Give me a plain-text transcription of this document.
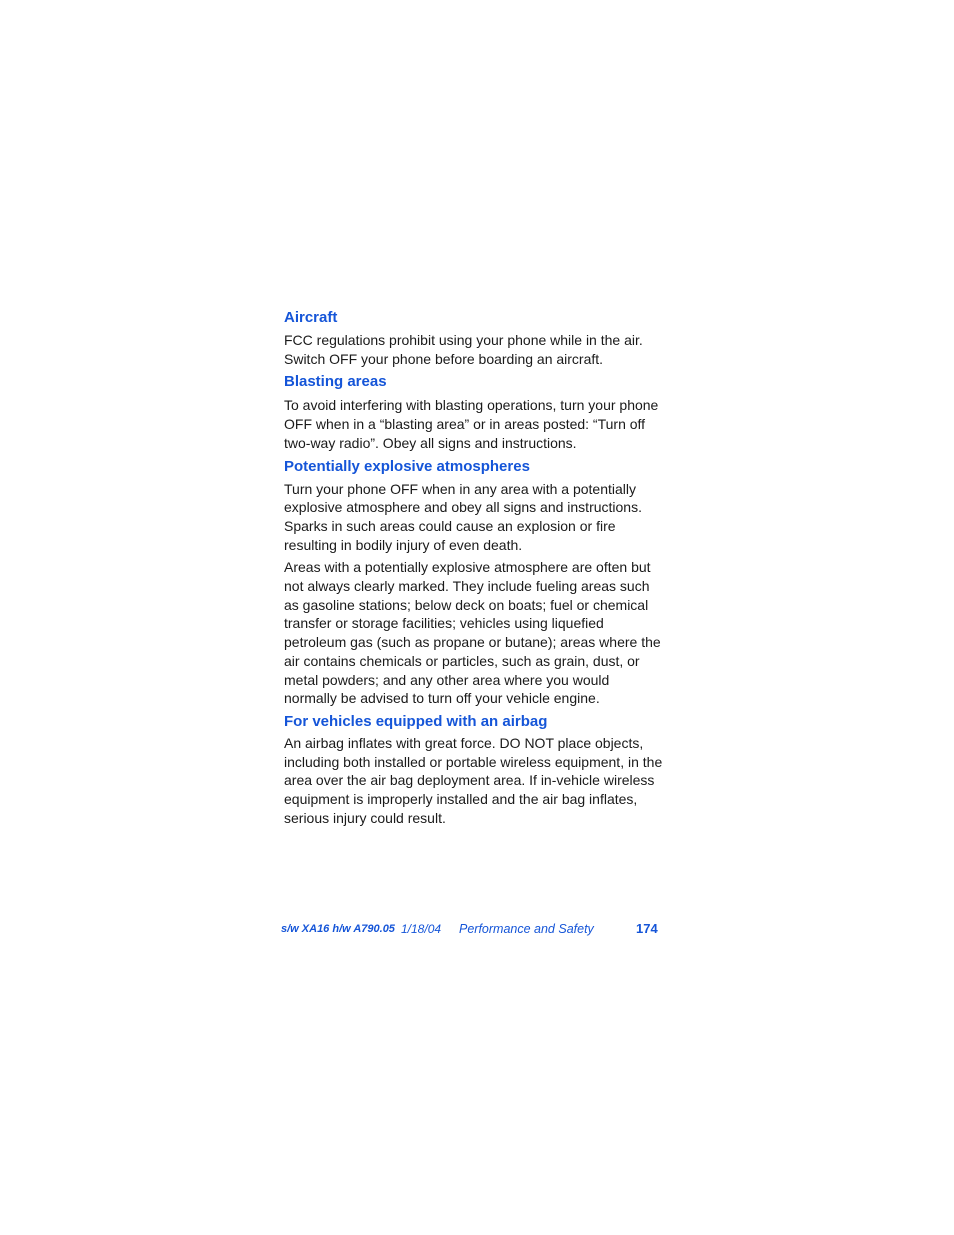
Aircraft

FCC regulations prohibit using your phone while in the air. Switch OFF your phone before boarding an aircraft.

Blasting areas

To avoid interfering with blasting operations, turn your phone OFF when in a “blasting area” or in areas posted: “Turn off two-way radio”. Obey all signs and instructions.

Potentially explosive atmospheres

Turn your phone OFF when in any area with a potentially explosive atmosphere and obey all signs and instructions. Sparks in such areas could cause an explosion or fire resulting in bodily injury of even death.

Areas with a potentially explosive atmosphere are often but not always clearly marked. They include fueling areas such as gasoline stations; below deck on boats; fuel or chemical transfer or storage facilities; vehicles using liquefied petroleum gas (such as propane or butane); areas where the air contains chemicals or particles, such as grain, dust, or metal powders; and any other area where you would normally be advised to turn off your vehicle engine.

For vehicles equipped with an airbag

An airbag inflates with great force. DO NOT place objects, including both installed or portable wireless equipment, in the area over the air bag deployment area. If in-vehicle wireless equipment is improperly installed and the air bag inflates, serious injury could result.

s/w XA16 h/w A790.05 1/18/04 Performance and Safety	174
